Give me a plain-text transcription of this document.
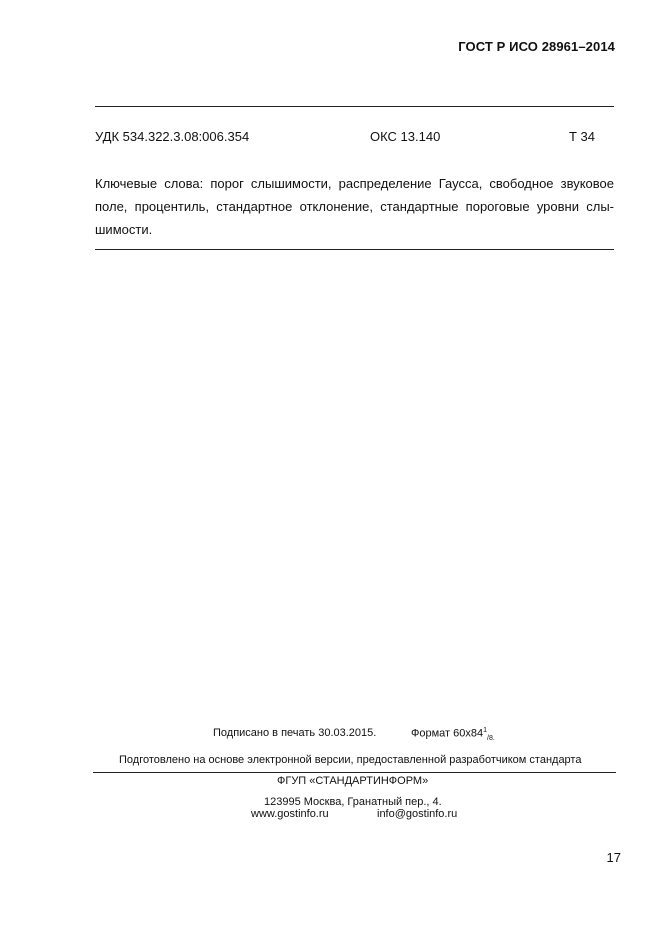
ГОСТ Р ИСО 28961–2014
УДК 534.322.3.08:006.354	ОКС 13.140	Т 34
Ключевые слова: порог слышимости, распределение Гаусса, свободное звуковое
поле, процентиль, стандартное отклонение, стандартные пороговые уровни слы-
шимости.
Подписано в печать 30.03.2015.	Формат $60х84^1_{/8.}$
Подготовлено на основе электронной версии, предоставленной разработчиком стандарта
ФГУП «СТАНДАРТИНФОРМ»
123995 Москва, Гранатный пер., 4.
www.gostinfo.ru	info@gostinfo.ru
17
